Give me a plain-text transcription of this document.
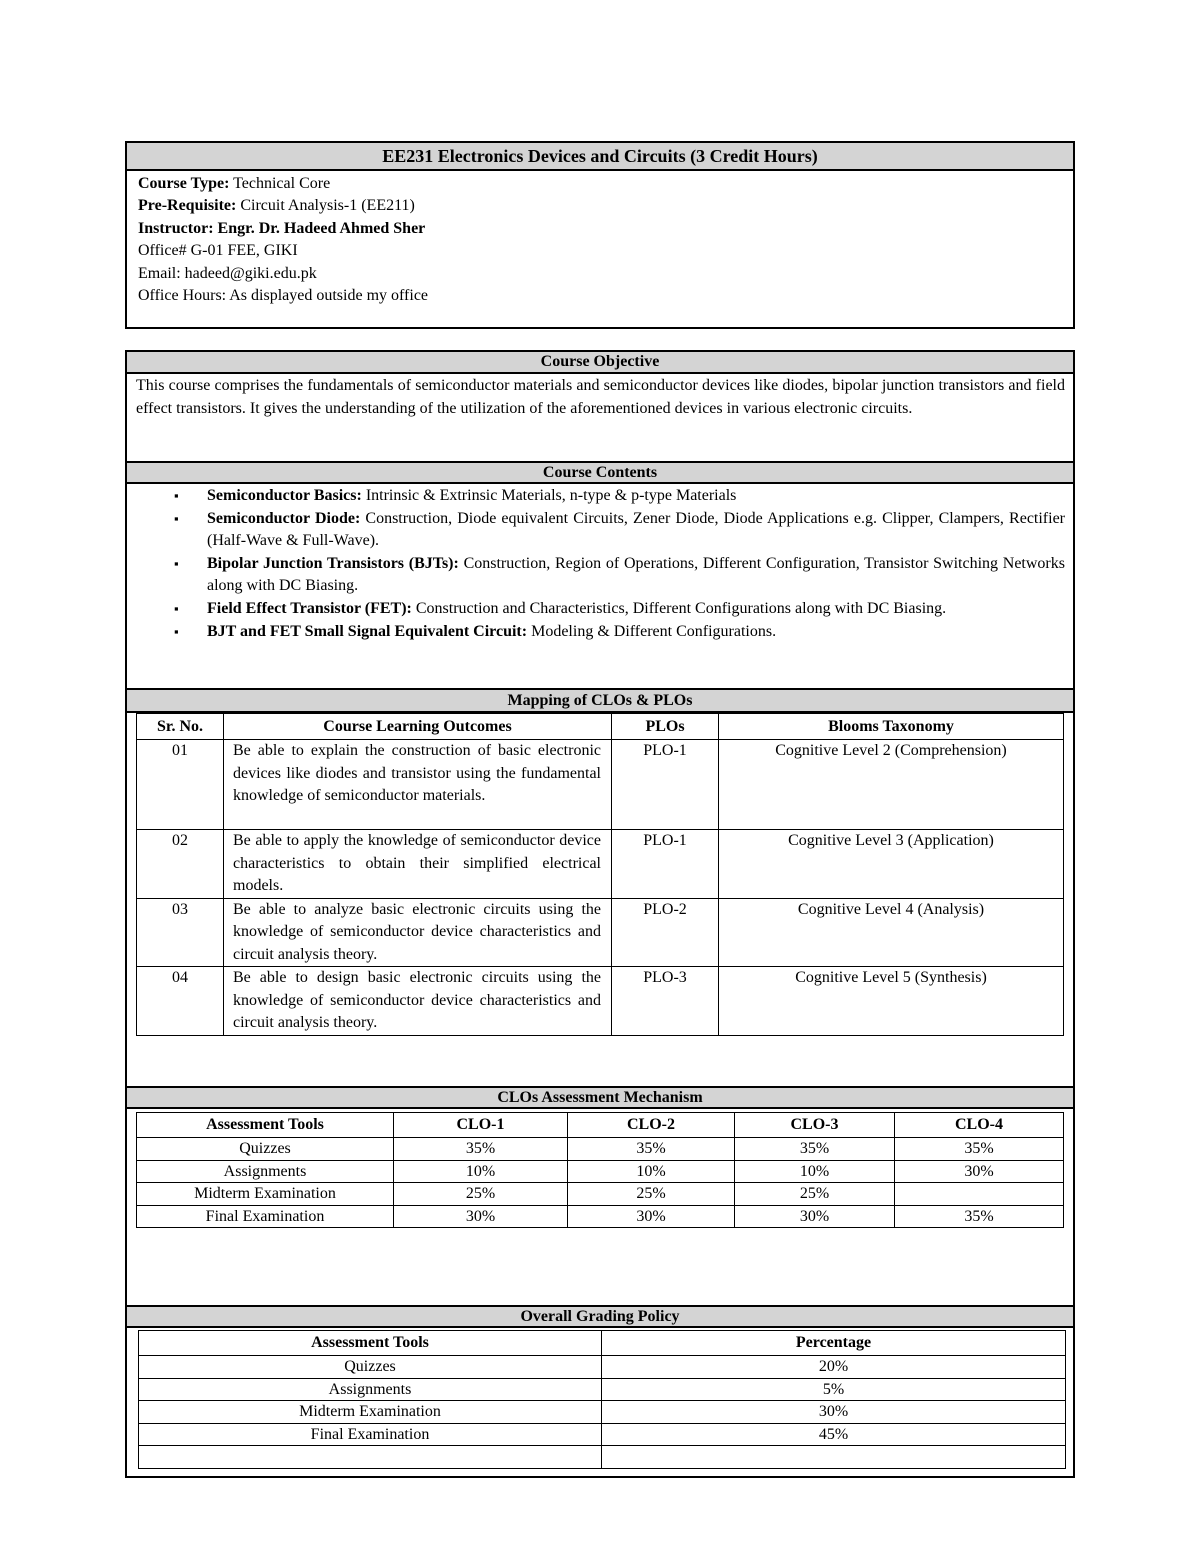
EE231 Electronics Devices and Circuits (3 Credit Hours)
Course Type: Technical Core
Pre-Requisite: Circuit Analysis-1 (EE211)
Instructor: Engr. Dr. Hadeed Ahmed Sher
Office# G-01 FEE, GIKI
Email: hadeed@giki.edu.pk
Office Hours: As displayed outside my office
Course Objective
This course comprises the fundamentals of semiconductor materials and semiconductor devices like diodes, bipolar junction transistors and field effect transistors. It gives the understanding of the utilization of the aforementioned devices in various electronic circuits.
Course Contents
▪ Semiconductor Basics: Intrinsic & Extrinsic Materials, n-type & p-type Materials
▪ Semiconductor Diode: Construction, Diode equivalent Circuits, Zener Diode, Diode Applications e.g. Clipper, Clampers, Rectifier (Half-Wave & Full-Wave).
▪ Bipolar Junction Transistors (BJTs): Construction, Region of Operations, Different Configuration, Transistor Switching Networks along with DC Biasing.
▪ Field Effect Transistor (FET): Construction and Characteristics, Different Configurations along with DC Biasing.
▪ BJT and FET Small Signal Equivalent Circuit: Modeling & Different Configurations.
Mapping of CLOs & PLOs
Sr. No.	Course Learning Outcomes	PLOs	Blooms Taxonomy
01	Be able to explain the construction of basic electronic devices like diodes and transistor using the fundamental knowledge of semiconductor materials.	PLO-1	Cognitive Level 2 (Comprehension)
02	Be able to apply the knowledge of semiconductor device characteristics to obtain their simplified electrical models.	PLO-1	Cognitive Level 3 (Application)
03	Be able to analyze basic electronic circuits using the knowledge of semiconductor device characteristics and circuit analysis theory.	PLO-2	Cognitive Level 4 (Analysis)
04	Be able to design basic electronic circuits using the knowledge of semiconductor device characteristics and circuit analysis theory.	PLO-3	Cognitive Level 5 (Synthesis)
CLOs Assessment Mechanism
Assessment Tools	CLO-1	CLO-2	CLO-3	CLO-4
Quizzes	35%	35%	35%	35%
Assignments	10%	10%	10%	30%
Midterm Examination	25%	25%	25%	
Final Examination	30%	30%	30%	35%
Overall Grading Policy
Assessment Tools	Percentage
Quizzes	20%
Assignments	5%
Midterm Examination	30%
Final Examination	45%
